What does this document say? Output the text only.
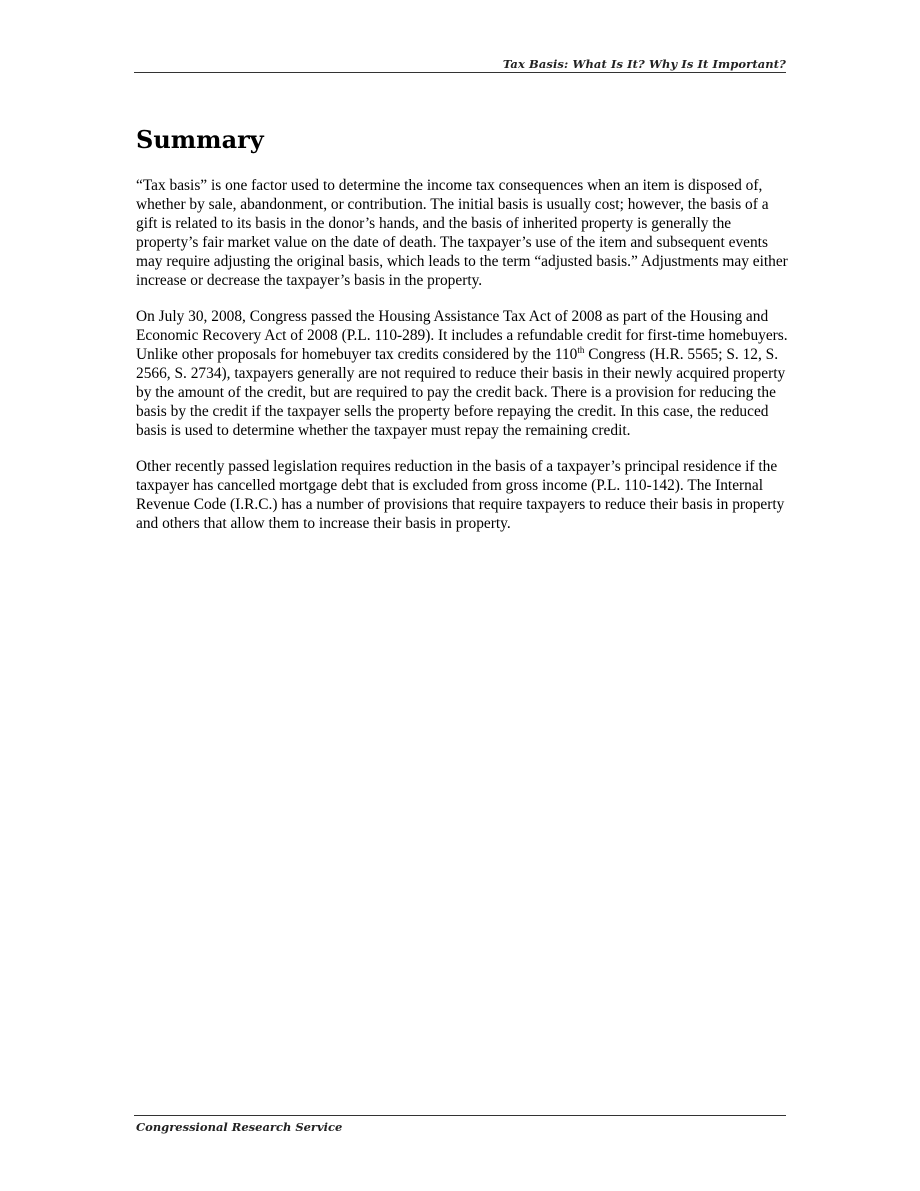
Tax Basis: What Is It? Why Is It Important?
Summary

“Tax basis” is one factor used to determine the income tax consequences when an item is disposed of, whether by sale, abandonment, or contribution. The initial basis is usually cost; however, the basis of a gift is related to its basis in the donor’s hands, and the basis of inherited property is generally the property’s fair market value on the date of death. The taxpayer’s use of the item and subsequent events may require adjusting the original basis, which leads to the term “adjusted basis.” Adjustments may either increase or decrease the taxpayer’s basis in the property.

On July 30, 2008, Congress passed the Housing Assistance Tax Act of 2008 as part of the Housing and Economic Recovery Act of 2008 (P.L. 110-289). It includes a refundable credit for first-time homebuyers. Unlike other proposals for homebuyer tax credits considered by the 110th Congress (H.R. 5565; S. 12, S. 2566, S. 2734), taxpayers generally are not required to reduce their basis in their newly acquired property by the amount of the credit, but are required to pay the credit back. There is a provision for reducing the basis by the credit if the taxpayer sells the property before repaying the credit. In this case, the reduced basis is used to determine whether the taxpayer must repay the remaining credit.

Other recently passed legislation requires reduction in the basis of a taxpayer’s principal residence if the taxpayer has cancelled mortgage debt that is excluded from gross income (P.L. 110-142). The Internal Revenue Code (I.R.C.) has a number of provisions that require taxpayers to reduce their basis in property and others that allow them to increase their basis in property.

Congressional Research Service
